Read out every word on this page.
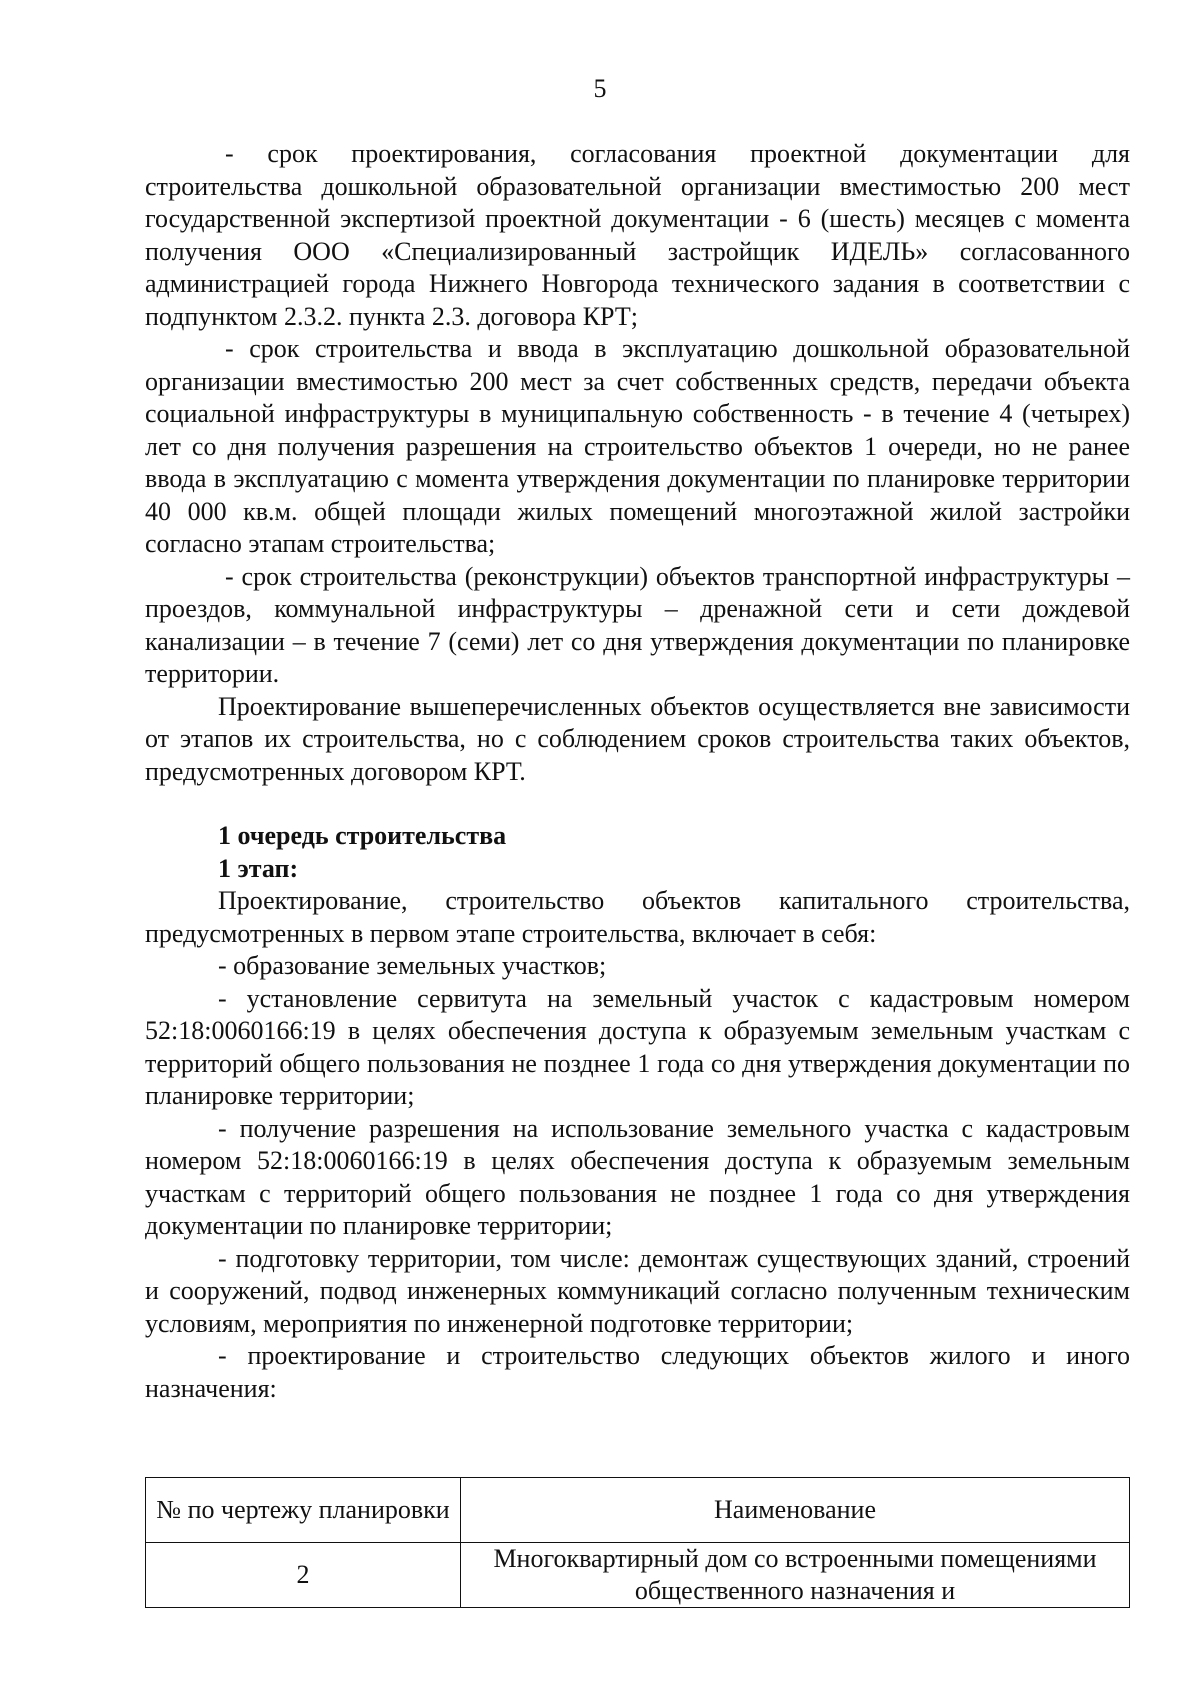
5

- срок проектирования, согласования проектной документации для строительства дошкольной образовательной организации вместимостью 200 мест государственной экспертизой проектной документации - 6 (шесть) месяцев с момента получения ООО «Специализированный застройщик ИДЕЛЬ» согласованного администрацией города Нижнего Новгорода технического задания в соответствии с подпунктом 2.3.2. пункта 2.3. договора КРТ;

- срок строительства и ввода в эксплуатацию дошкольной образовательной организации вместимостью 200 мест за счет собственных средств, передачи объекта социальной инфраструктуры в муниципальную собственность - в течение 4 (четырех) лет со дня получения разрешения на строительство объектов 1 очереди, но не ранее ввода в эксплуатацию с момента утверждения документации по планировке территории 40 000 кв.м. общей площади жилых помещений многоэтажной жилой застройки согласно этапам строительства;

- срок строительства (реконструкции) объектов транспортной инфраструктуры – проездов, коммунальной инфраструктуры – дренажной сети и сети дождевой канализации – в течение 7 (семи) лет со дня утверждения документации по планировке территории.

Проектирование вышеперечисленных объектов осуществляется вне зависимости от этапов их строительства, но с соблюдением сроков строительства таких объектов, предусмотренных договором КРТ.

1 очередь строительства

1 этап:

Проектирование, строительство объектов капитального строительства, предусмотренных в первом этапе строительства, включает в себя:

- образование земельных участков;

- установление сервитута на земельный участок с кадастровым номером 52:18:0060166:19 в целях обеспечения доступа к образуемым земельным участкам с территорий общего пользования не позднее 1 года со дня утверждения документации по планировке территории;

- получение разрешения на использование земельного участка с кадастровым номером 52:18:0060166:19 в целях обеспечения доступа к образуемым земельным участкам с территорий общего пользования не позднее 1 года со дня утверждения документации по планировке территории;

- подготовку территории, том числе: демонтаж существующих зданий, строений и сооружений, подвод инженерных коммуникаций согласно полученным техническим условиям, мероприятия по инженерной подготовке территории;

- проектирование и строительство следующих объектов жилого и иного назначения:

№ по чертежу планировки	Наименование
2	Многоквартирный дом со встроенными помещениями общественного назначения и
